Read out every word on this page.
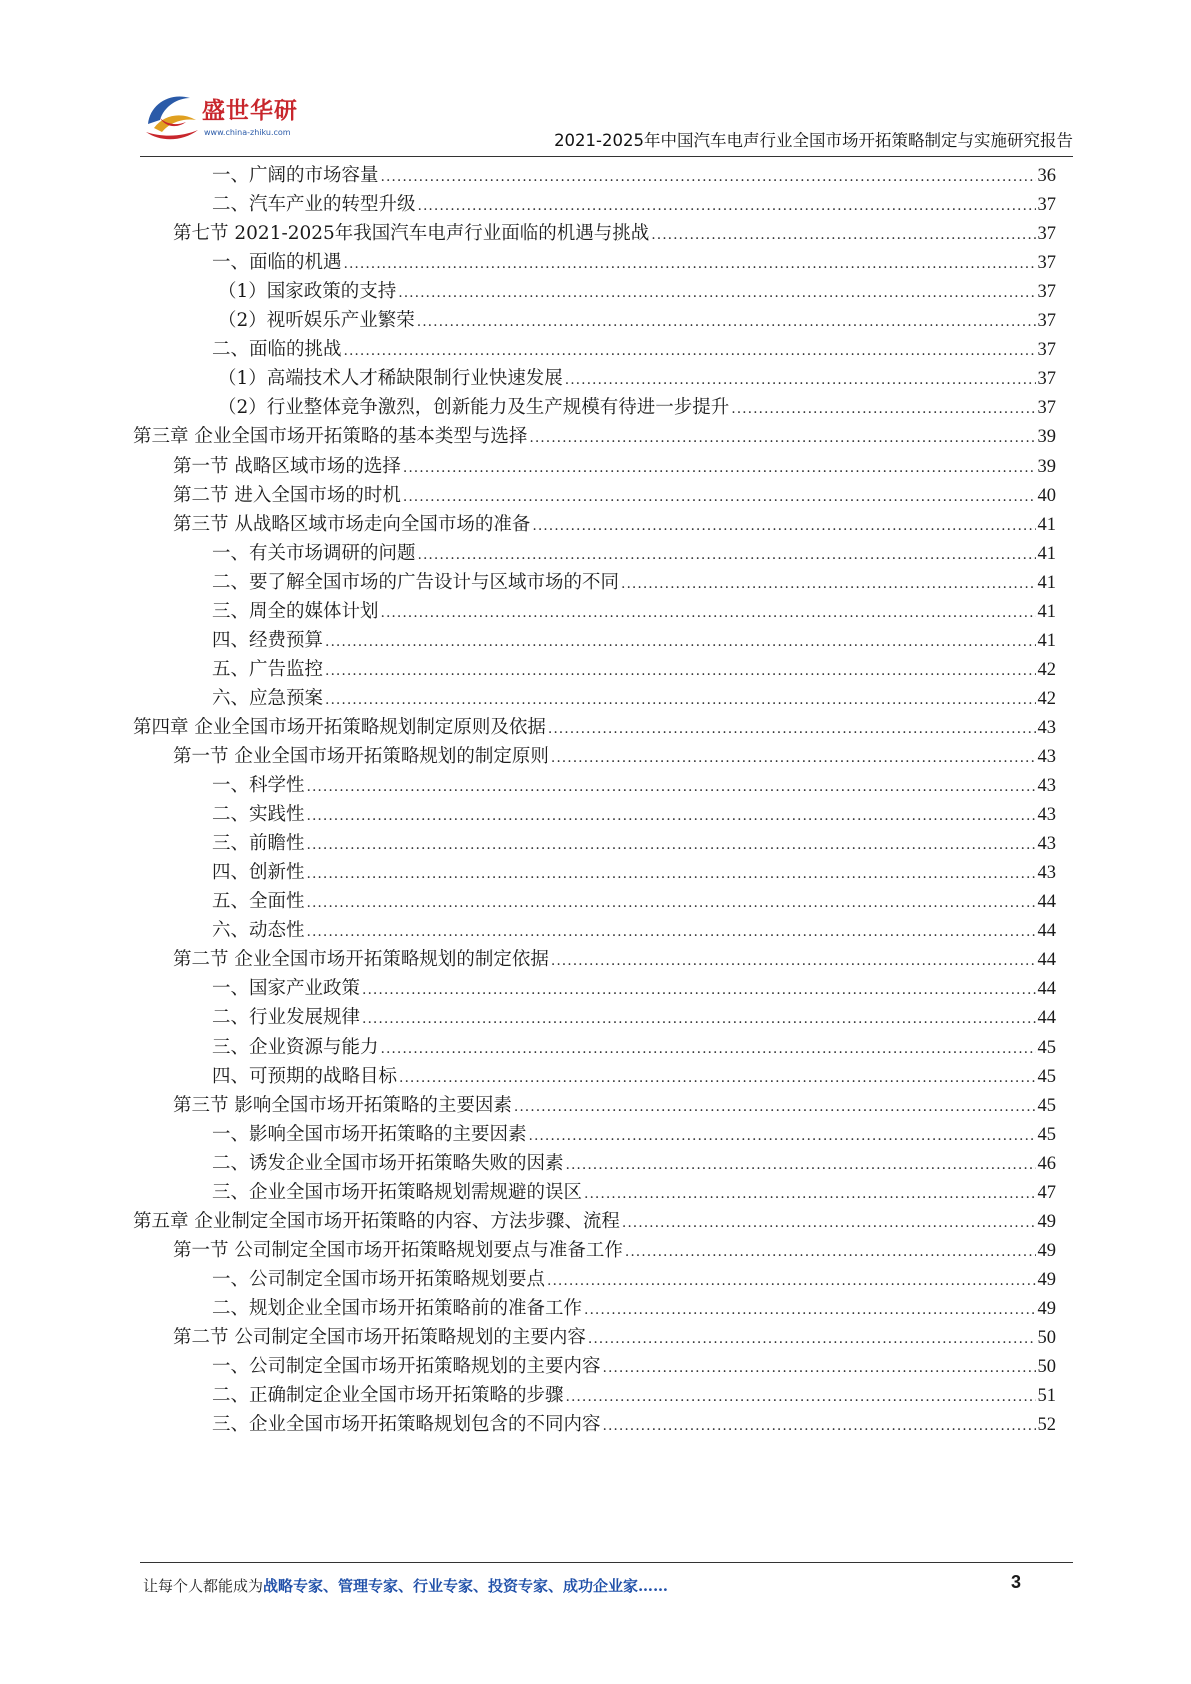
盛世华研
www.china-zhiku.com	2021-2025年中国汽车电声行业全国市场开拓策略制定与实施研究报告
一、广阔的市场容量 .....	36
二、汽车产业的转型升级 .....	37
第七节 2021-2025年我国汽车电声行业面临的机遇与挑战 .....	37
一、面临的机遇 .....	37
（1）国家政策的支持 .....	37
（2）视听娱乐产业繁荣 .....	37
二、面临的挑战 .....	37
（1）高端技术人才稀缺限制行业快速发展 .....	37
（2）行业整体竞争激烈，创新能力及生产规模有待进一步提升 .....	37
第三章 企业全国市场开拓策略的基本类型与选择 .....	39
第一节 战略区域市场的选择 .....	39
第二节 进入全国市场的时机 .....	40
第三节 从战略区域市场走向全国市场的准备 .....	41
一、有关市场调研的问题 .....	41
二、要了解全国市场的广告设计与区域市场的不同 .....	41
三、周全的媒体计划 .....	41
四、经费预算 .....	41
五、广告监控 .....	42
六、应急预案 .....	42
第四章 企业全国市场开拓策略规划制定原则及依据 .....	43
第一节 企业全国市场开拓策略规划的制定原则 .....	43
一、科学性 .....	43
二、实践性 .....	43
三、前瞻性 .....	43
四、创新性 .....	43
五、全面性 .....	44
六、动态性 .....	44
第二节 企业全国市场开拓策略规划的制定依据 .....	44
一、国家产业政策 .....	44
二、行业发展规律 .....	44
三、企业资源与能力 .....	45
四、可预期的战略目标 .....	45
第三节 影响全国市场开拓策略的主要因素 .....	45
一、影响全国市场开拓策略的主要因素 .....	45
二、诱发企业全国市场开拓策略失败的因素 .....	46
三、企业全国市场开拓策略规划需规避的误区 .....	47
第五章 企业制定全国市场开拓策略的内容、方法步骤、流程 .....	49
第一节 公司制定全国市场开拓策略规划要点与准备工作 .....	49
一、公司制定全国市场开拓策略规划要点 .....	49
二、规划企业全国市场开拓策略前的准备工作 .....	49
第二节 公司制定全国市场开拓策略规划的主要内容 .....	50
一、公司制定全国市场开拓策略规划的主要内容 .....	50
二、正确制定企业全国市场开拓策略的步骤 .....	51
三、企业全国市场开拓策略规划包含的不同内容 .....	52
让每个人都能成为战略专家、管理专家、行业专家、投资专家、成功企业家……	3
